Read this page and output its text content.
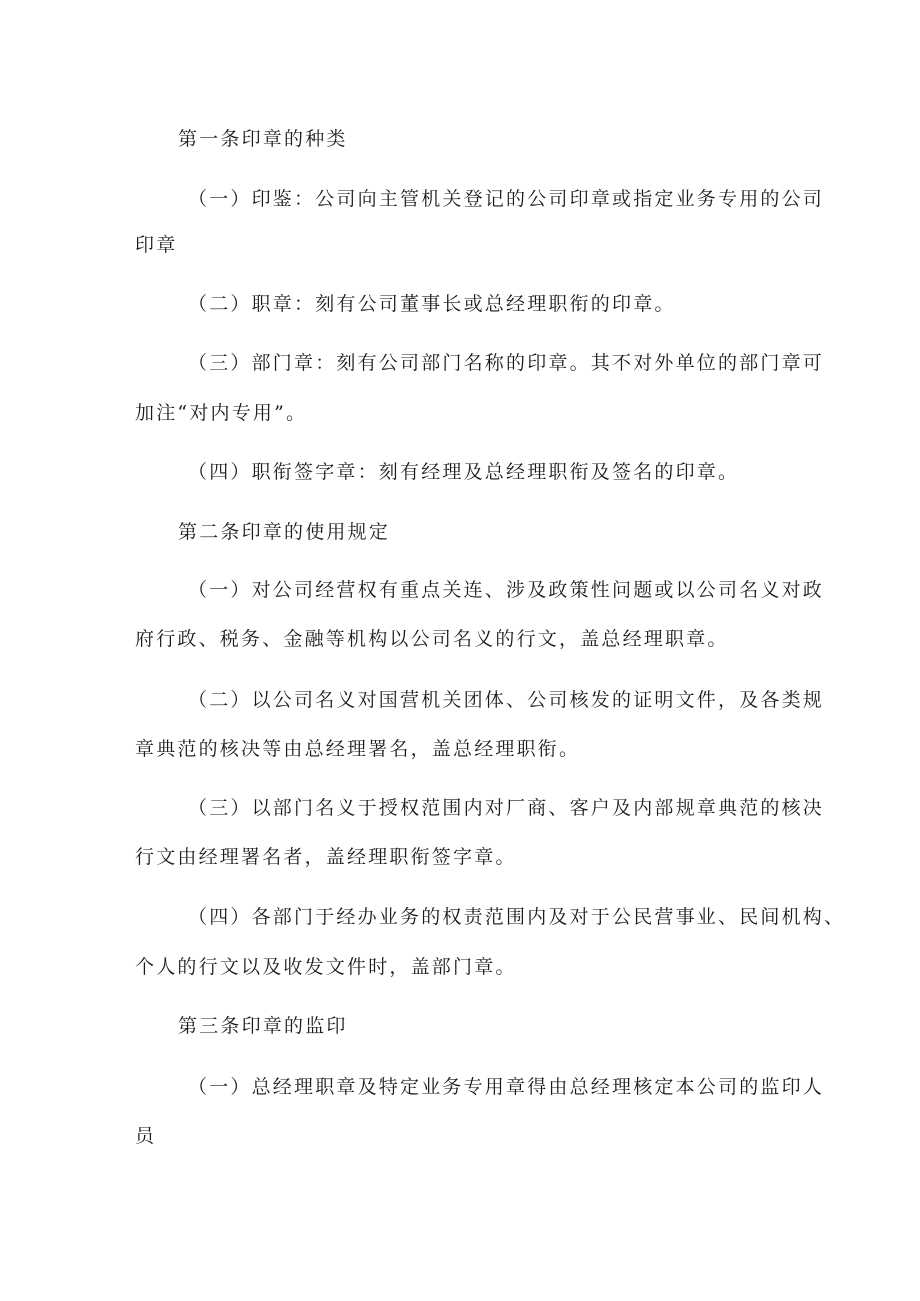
第一条印章的种类

（一）印鉴：公司向主管机关登记的公司印章或指定业务专用的公司

印章

（二）职章：刻有公司董事长或总经理职衔的印章。

（三）部门章：刻有公司部门名称的印章。其不对外单位的部门章可

加注“对内专用”。

（四）职衔签字章：刻有经理及总经理职衔及签名的印章。

第二条印章的使用规定

（一）对公司经营权有重点关连、涉及政策性问题或以公司名义对政

府行政、税务、金融等机构以公司名义的行文，盖总经理职章。

（二）以公司名义对国营机关团体、公司核发的证明文件，及各类规

章典范的核决等由总经理署名，盖总经理职衔。

（三）以部门名义于授权范围内对厂商、客户及内部规章典范的核决

行文由经理署名者，盖经理职衔签字章。

（四）各部门于经办业务的权责范围内及对于公民营事业、民间机构、

个人的行文以及收发文件时，盖部门章。

第三条印章的监印

（一）总经理职章及特定业务专用章得由总经理核定本公司的监印人

员
